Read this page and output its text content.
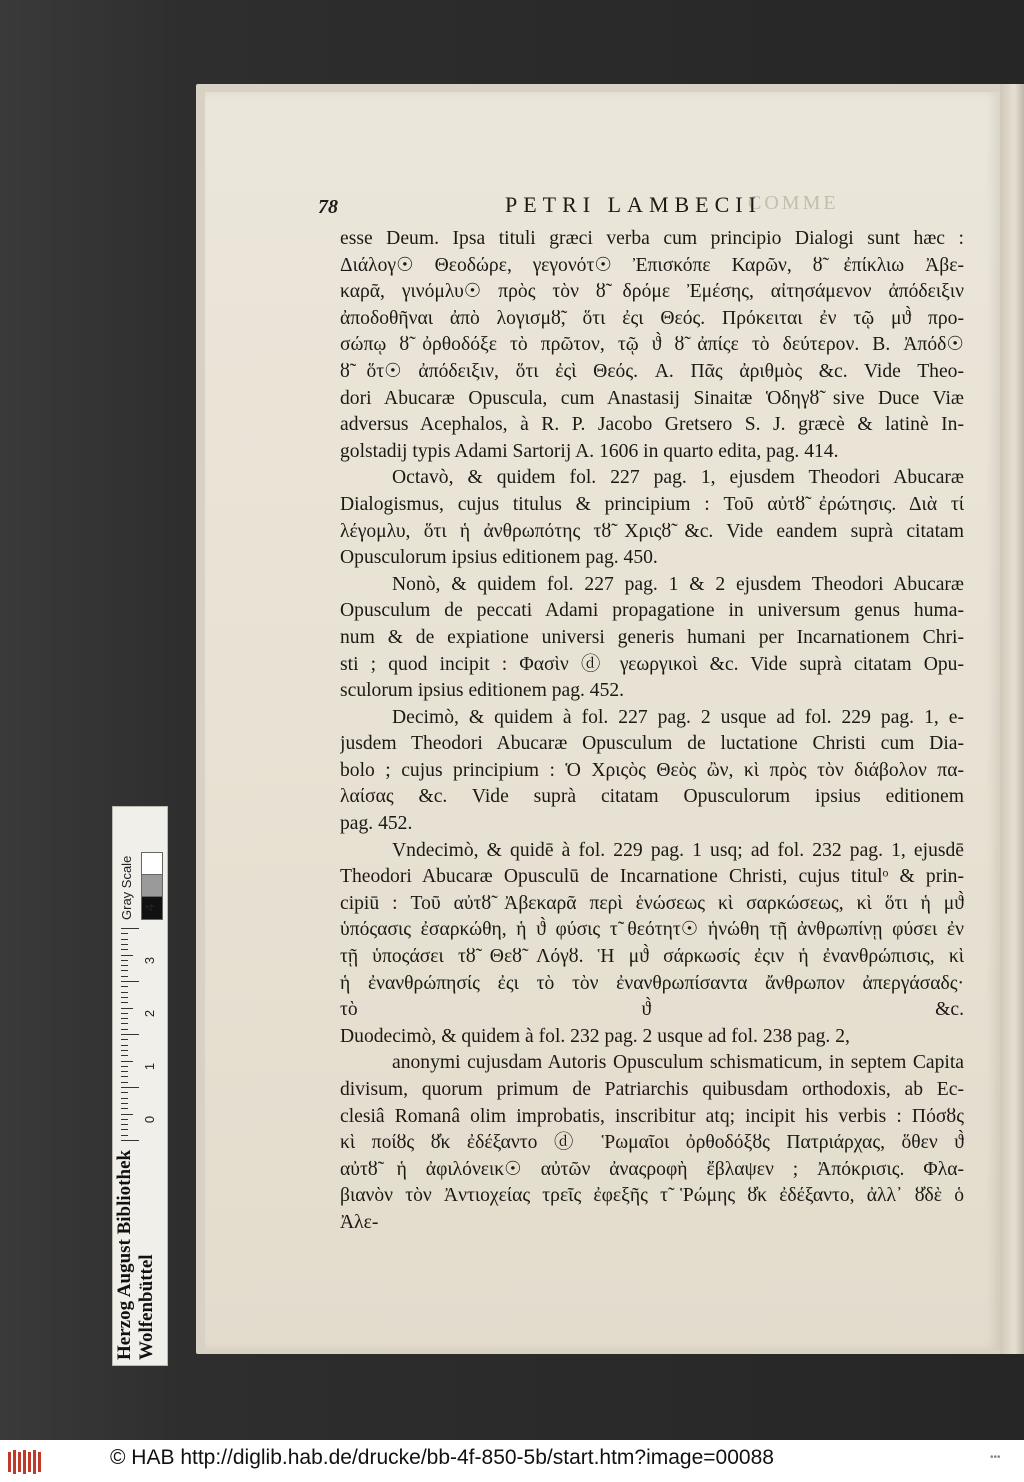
COMME
78	PETRI LAMBECII
esse Deum. Ipsa tituli græci verba cum principio Dialogi sunt hæc :
Διάλογ☉ Θεοδώρε, γεγονότ☉ Ἐπισκόπε Καρῶν, ȣ̃ ἐπίκλιω Ἀβε-
καρᾶ, γινόμλυ☉ πρὸς τὸν ȣ̃ δρόμε Ἐμέσης, αἰτησάμενον ἀπόδειξιν
ἀποδοθῆναι ἀπὸ λογισμȣ̃, ὅτι ἐςι Θεός. Πρόκειται ἐν τῷ μϑ̀ προ-
σώπῳ ȣ̃ ὀρθοδόξε τὸ πρῶτον, τῷ ϑ̀ ȣ̃ ἀπίςε τὸ δεύτερον. B. Ἀπόδ☉
ȣ̃ ὅτ☉ ἀπόδειξιν, ὅτι ἐςὶ Θεός. A. Πᾶς ἀριθμὸς &c. Vide Theo-
dori Abucaræ Opuscula, cum Anastasij Sinaitæ Ὁδηγȣ̃ sive Duce Viæ
adversus Acephalos, à R. P. Jacobo Gretsero S. J. græcè & latinè In-
golstadij typis Adami Sartorij A. 1606 in quarto edita, pag. 414.
Octavò, & quidem fol. 227 pag. 1, ejusdem Theodori Abucaræ
Dialogismus, cujus titulus & principium : Τοῦ αὐτȣ̃ ἐρώτησις. Διὰ τί
λέγομλυ, ὅτι ἡ ἀνθρωπότης τȣ̃ Χριςȣ̃ &c. Vide eandem suprà citatam
Opusculorum ipsius editionem pag. 450.
Nonò, & quidem fol. 227 pag. 1 & 2 ejusdem Theodori Abucaræ
Opusculum de peccati Adami propagatione in universum genus huma-
num & de expiatione universi generis humani per Incarnationem Chri-
sti ; quod incipit : Φασὶν ⓓ γεωργικοὶ &c. Vide suprà citatam Opu-
sculorum ipsius editionem pag. 452.
Decimò, & quidem à fol. 227 pag. 2 usque ad fol. 229 pag. 1, e-
jusdem Theodori Abucaræ Opusculum de luctatione Christi cum Dia-
bolo ; cujus principium : Ὁ Χριςὸς Θεὸς ὢν, κὶ πρὸς τὸν διάβολον πα-
λαίσας &c. Vide suprà citatam Opusculorum ipsius editionem
pag. 452.
Vndecimò, & quidē à fol. 229 pag. 1 usq; ad fol. 232 pag. 1, ejusdē
Theodori Abucaræ Opusculū de Incarnatione Christi, cujus titulᵒ & prin-
cipiū : Τοῦ αὐτȣ̃ Ἀβεκαρᾶ περὶ ἑνώσεως κὶ σαρκώσεως, κὶ ὅτι ἡ μϑ̀
ὑπόςασις ἐσαρκώθη, ἡ ϑ̀ φύσις τ̃ θεότητ☉ ἡνώθη τῇ ἀνθρωπίνῃ φύσει ἐν
τῇ ὑποςάσει τȣ̃ Θεȣ̃ Λόγȣ. Ἡ μϑ̀ σάρκωσίς ἐςιν ἡ ἐνανθρώπισις, κὶ
ἡ ἐνανθρώπησίς ἐςι τὸ τὸν ἐνανθρωπίσαντα ἄνθρωπον ἀπεργάσαδς·
τὸ ϑ̀ &c.
Duodecimò, & quidem à fol. 232 pag. 2 usque ad fol. 238 pag. 2,
anonymi cujusdam Autoris Opusculum schismaticum, in septem Capita
divisum, quorum primum de Patriarchis quibusdam orthodoxis, ab Ec-
clesiâ Romanâ olim improbatis, inscribitur atq; incipit his verbis : Πόσȣς
κὶ ποίȣς ȣ̓κ ἐδέξαντο ⓓ Ῥωμαῖοι ὀρθοδόξȣς Πατριάρχας, ὅθεν ϑ̀
αὐτȣ̃ ἡ ἀφιλόνεικ☉ αὐτῶν ἀναςροφὴ ἔβλαψεν ; Ἀπόκρισις. Φλα-
βιανὸν τὸν Ἀντιοχείας τρεῖς ἐφεξῆς τ̃ Ῥώμης ȣ̓κ ἐδέξαντο, ἀλλ᾽ ȣ̓δὲ ὁ
Ἀλε-
Gray Scale
0
1
2
3
4
Herzog August Bibliothek Wolfenbüttel
© HAB http://diglib.hab.de/drucke/bb-4f-850-5b/start.htm?image=00088	•••
